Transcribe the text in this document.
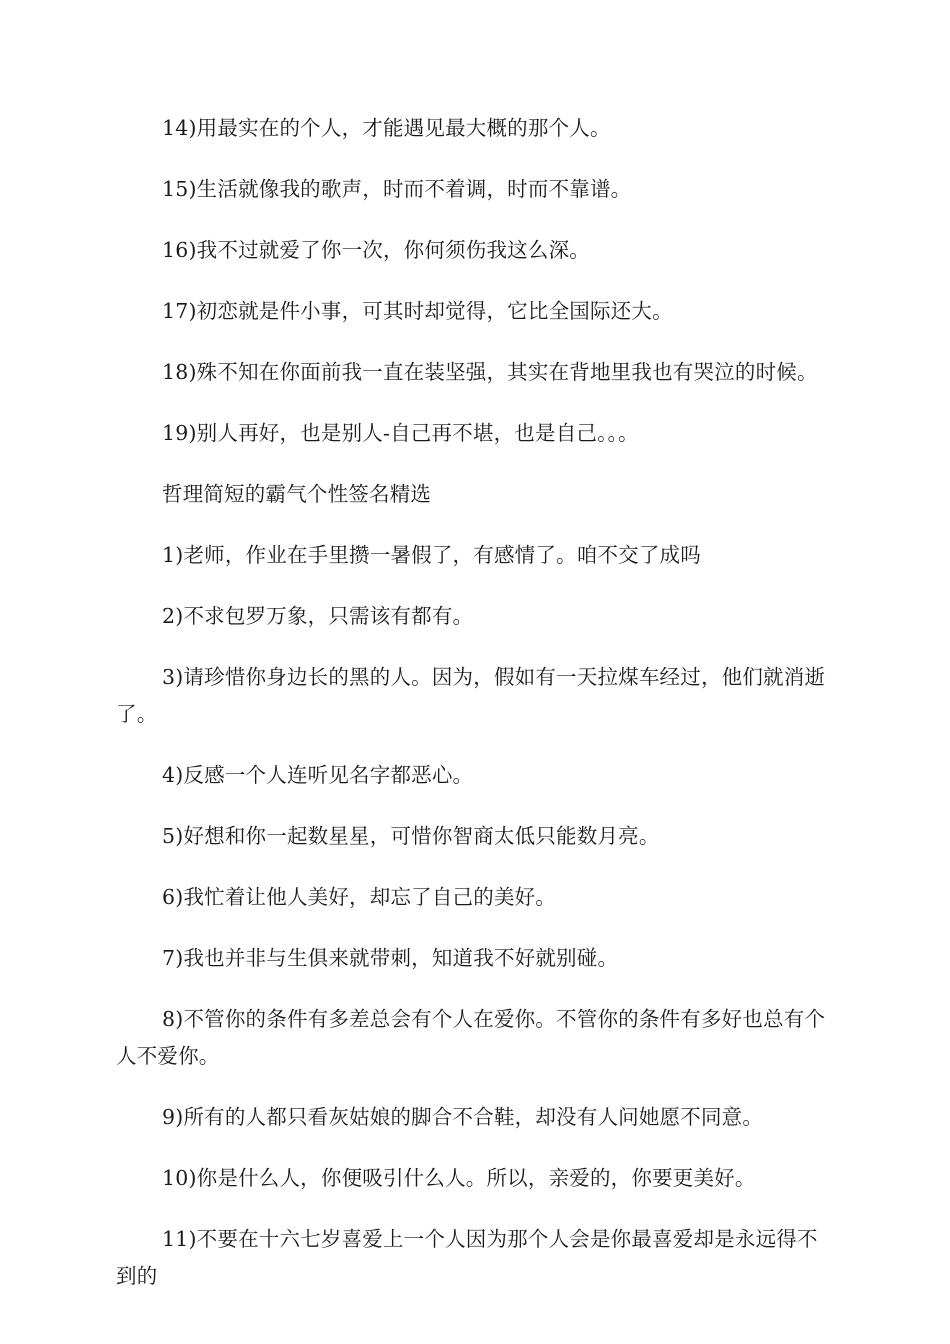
14)用最实在的个人，才能遇见最大概的那个人。

15)生活就像我的歌声，时而不着调，时而不靠谱。

16)我不过就爱了你一次，你何须伤我这么深。

17)初恋就是件小事，可其时却觉得，它比全国际还大。

18)殊不知在你面前我一直在装坚强，其实在背地里我也有哭泣的时候。

19)别人再好，也是别人-自己再不堪，也是自己。。。

哲理简短的霸气个性签名精选

1)老师，作业在手里攒一暑假了，有感情了。咱不交了成吗

2)不求包罗万象，只需该有都有。

3)请珍惜你身边长的黑的人。因为，假如有一天拉煤车经过，他们就消逝了。

4)反感一个人连听见名字都恶心。

5)好想和你一起数星星，可惜你智商太低只能数月亮。

6)我忙着让他人美好，却忘了自己的美好。

7)我也并非与生俱来就带刺，知道我不好就别碰。

8)不管你的条件有多差总会有个人在爱你。不管你的条件有多好也总有个人不爱你。

9)所有的人都只看灰姑娘的脚合不合鞋，却没有人问她愿不同意。

10)你是什么人，你便吸引什么人。所以，亲爱的，你要更美好。

11)不要在十六七岁喜爱上一个人因为那个人会是你最喜爱却是永远得不到的
